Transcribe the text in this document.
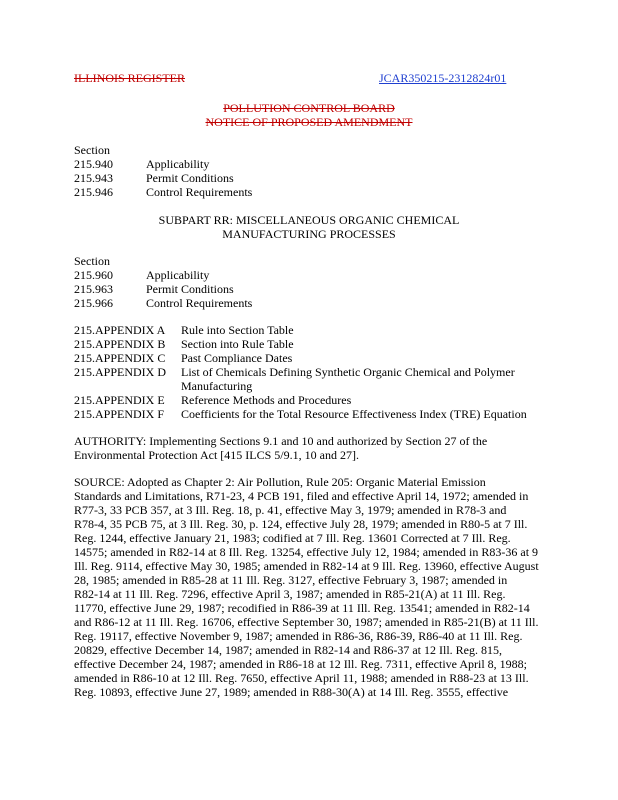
ILLINOIS REGISTER	JCAR350215-2312824r01
POLLUTION CONTROL BOARD
NOTICE OF PROPOSED AMENDMENT
Section
215.940	Applicability
215.943	Permit Conditions
215.946	Control Requirements
SUBPART RR: MISCELLANEOUS ORGANIC CHEMICAL
MANUFACTURING PROCESSES
Section
215.960	Applicability
215.963	Permit Conditions
215.966	Control Requirements
215.APPENDIX A	Rule into Section Table
215.APPENDIX B	Section into Rule Table
215.APPENDIX C	Past Compliance Dates
215.APPENDIX D	List of Chemicals Defining Synthetic Organic Chemical and Polymer
Manufacturing
215.APPENDIX E	Reference Methods and Procedures
215.APPENDIX F	Coefficients for the Total Resource Effectiveness Index (TRE) Equation
AUTHORITY: Implementing Sections 9.1 and 10 and authorized by Section 27 of the
Environmental Protection Act [415 ILCS 5/9.1, 10 and 27].
SOURCE: Adopted as Chapter 2: Air Pollution, Rule 205: Organic Material Emission
Standards and Limitations, R71-23, 4 PCB 191, filed and effective April 14, 1972; amended in
R77-3, 33 PCB 357, at 3 Ill. Reg. 18, p. 41, effective May 3, 1979; amended in R78-3 and
R78-4, 35 PCB 75, at 3 Ill. Reg. 30, p. 124, effective July 28, 1979; amended in R80-5 at 7 Ill.
Reg. 1244, effective January 21, 1983; codified at 7 Ill. Reg. 13601 Corrected at 7 Ill. Reg.
14575; amended in R82-14 at 8 Ill. Reg. 13254, effective July 12, 1984; amended in R83-36 at 9
Ill. Reg. 9114, effective May 30, 1985; amended in R82-14 at 9 Ill. Reg. 13960, effective August
28, 1985; amended in R85-28 at 11 Ill. Reg. 3127, effective February 3, 1987; amended in
R82-14 at 11 Ill. Reg. 7296, effective April 3, 1987; amended in R85-21(A) at 11 Ill. Reg.
11770, effective June 29, 1987; recodified in R86-39 at 11 Ill. Reg. 13541; amended in R82-14
and R86-12 at 11 Ill. Reg. 16706, effective September 30, 1987; amended in R85-21(B) at 11 Ill.
Reg. 19117, effective November 9, 1987; amended in R86-36, R86-39, R86-40 at 11 Ill. Reg.
20829, effective December 14, 1987; amended in R82-14 and R86-37 at 12 Ill. Reg. 815,
effective December 24, 1987; amended in R86-18 at 12 Ill. Reg. 7311, effective April 8, 1988;
amended in R86-10 at 12 Ill. Reg. 7650, effective April 11, 1988; amended in R88-23 at 13 Ill.
Reg. 10893, effective June 27, 1989; amended in R88-30(A) at 14 Ill. Reg. 3555, effective
